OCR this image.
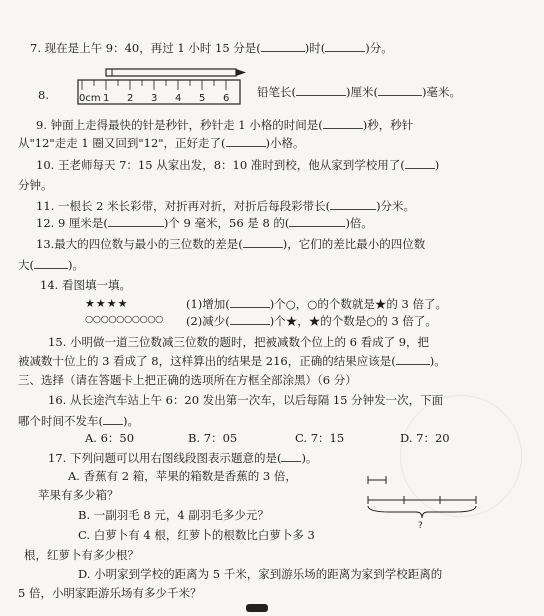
7. 现在是上午 9：40，再过 1 小时 15 分是(	)时(	)分。
8.	0cm 1 2 3 4 5 6 铅笔长(	)厘米(	)毫米。
9. 钟面上走得最快的针是秒针，秒针走 1 小格的时间是(	)秒，秒针
从"12"走走 1 圈又回到"12"，正好走了(	)小格。
10. 王老师每天 7：15 从家出发，8：10 准时到校，他从家到学校用了(	)
分钟。
11. 一根长 2 米长彩带，对折再对折，对折后每段彩带长(	)分米。
12. 9 厘米是(	)个 9 毫米，56 是 8 的(	)倍。
13.最大的四位数与最小的三位数的差是(	)，它们的差比最小的四位数
大(	)。
14. 看图填一填。
★★★★	(1)增加(	)个○，○的个数就是★的 3 倍了。
○○○○○○○○○○ (2)减少(	)个★，★的个数是○的 3 倍了。
15. 小明做一道三位数减三位数的题时，把被减数个位上的 6 看成了 9，把
被减数十位上的 3 看成了 8，这样算出的结果是 216，正确的结果应该是(	)。
三、选择（请在答题卡上把正确的选项所在方框全部涂黑）（6 分）
16. 从长途汽车站上午 6：20 发出第一次车，以后每隔 15 分钟发一次，下面
哪个时间不发车( )。
A. 6：50	B. 7：05	C. 7：15	D. 7：20
17. 下列问题可以用右图线段图表示题意的是( )。
A. 香蕉有 2 箱，苹果的箱数是香蕉的 3 倍，
苹果有多少箱？
B. 一副羽毛 8 元，4 副羽毛多少元？
C. 白萝卜有 4 根，红萝卜的根数比白萝卜多 3
根，红萝卜有多少根？
D. 小明家到学校的距离为 5 千米，家到游乐场的距离为家到学校距离的
5 倍，小明家距游乐场有多少千米？
?
